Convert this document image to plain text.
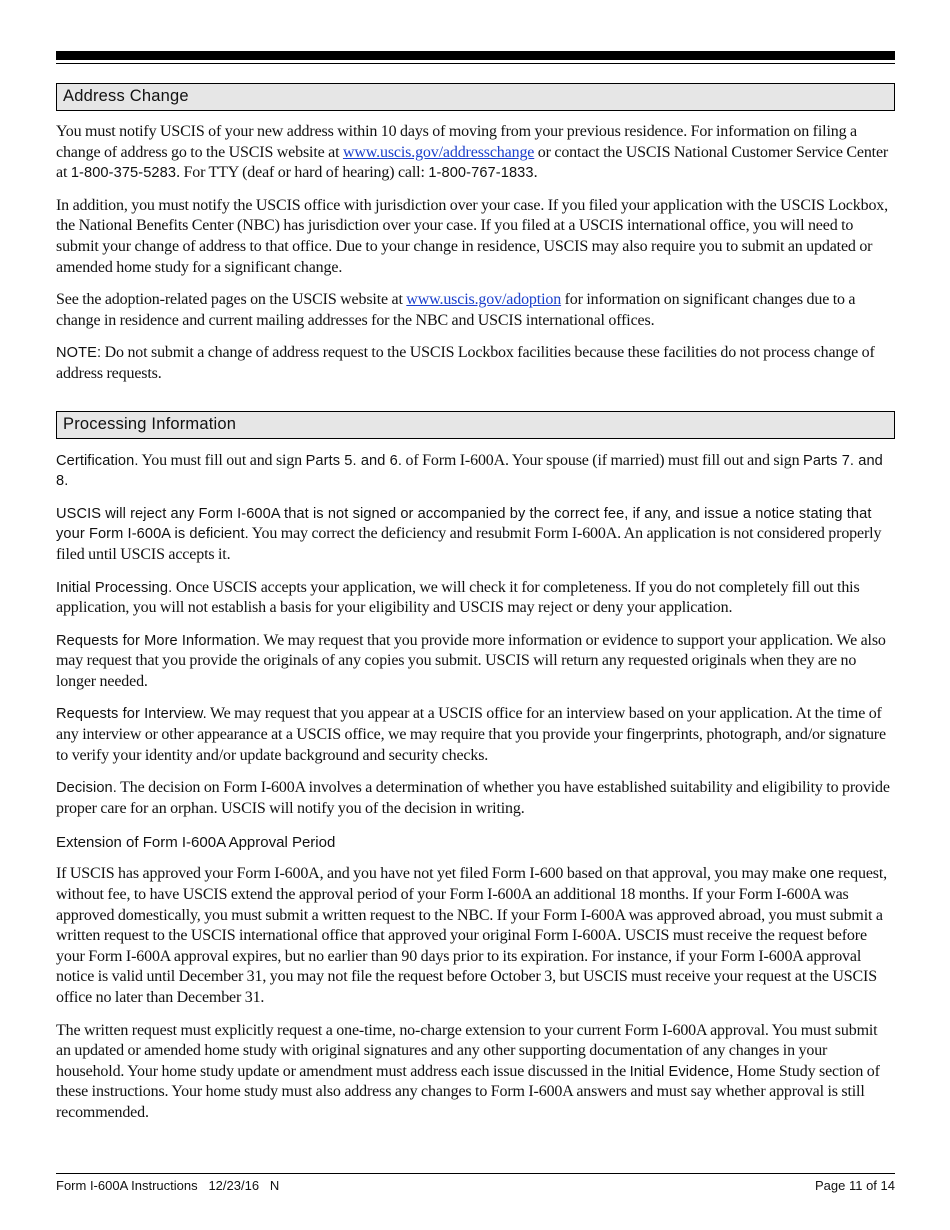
Address Change

You must notify USCIS of your new address within 10 days of moving from your previous residence. For information on filing a change of address go to the USCIS website at www.uscis.gov/addresschange or contact the USCIS National Customer Service Center at 1-800-375-5283. For TTY (deaf or hard of hearing) call: 1-800-767-1833.

In addition, you must notify the USCIS office with jurisdiction over your case. If you filed your application with the USCIS Lockbox, the National Benefits Center (NBC) has jurisdiction over your case. If you filed at a USCIS international office, you will need to submit your change of address to that office. Due to your change in residence, USCIS may also require you to submit an updated or amended home study for a significant change.

See the adoption-related pages on the USCIS website at www.uscis.gov/adoption for information on significant changes due to a change in residence and current mailing addresses for the NBC and USCIS international offices.

NOTE: Do not submit a change of address request to the USCIS Lockbox facilities because these facilities do not process change of address requests.

Processing Information

Certification. You must fill out and sign Parts 5. and 6. of Form I-600A. Your spouse (if married) must fill out and sign Parts 7. and 8.

USCIS will reject any Form I-600A that is not signed or accompanied by the correct fee, if any, and issue a notice stating that your Form I-600A is deficient. You may correct the deficiency and resubmit Form I-600A. An application is not considered properly filed until USCIS accepts it.

Initial Processing. Once USCIS accepts your application, we will check it for completeness. If you do not completely fill out this application, you will not establish a basis for your eligibility and USCIS may reject or deny your application.

Requests for More Information. We may request that you provide more information or evidence to support your application. We also may request that you provide the originals of any copies you submit. USCIS will return any requested originals when they are no longer needed.

Requests for Interview. We may request that you appear at a USCIS office for an interview based on your application. At the time of any interview or other appearance at a USCIS office, we may require that you provide your fingerprints, photograph, and/or signature to verify your identity and/or update background and security checks.

Decision. The decision on Form I-600A involves a determination of whether you have established suitability and eligibility to provide proper care for an orphan. USCIS will notify you of the decision in writing.

Extension of Form I-600A Approval Period

If USCIS has approved your Form I-600A, and you have not yet filed Form I-600 based on that approval, you may make one request, without fee, to have USCIS extend the approval period of your Form I-600A an additional 18 months. If your Form I-600A was approved domestically, you must submit a written request to the NBC. If your Form I-600A was approved abroad, you must submit a written request to the USCIS international office that approved your original Form I-600A. USCIS must receive the request before your Form I-600A approval expires, but no earlier than 90 days prior to its expiration. For instance, if your Form I-600A approval notice is valid until December 31, you may not file the request before October 3, but USCIS must receive your request at the USCIS office no later than December 31.

The written request must explicitly request a one-time, no-charge extension to your current Form I-600A approval. You must submit an updated or amended home study with original signatures and any other supporting documentation of any changes in your household. Your home study update or amendment must address each issue discussed in the Initial Evidence, Home Study section of these instructions. Your home study must also address any changes to Form I-600A answers and must say whether approval is still recommended.

Form I-600A Instructions   12/23/16   N	Page 11 of 14
